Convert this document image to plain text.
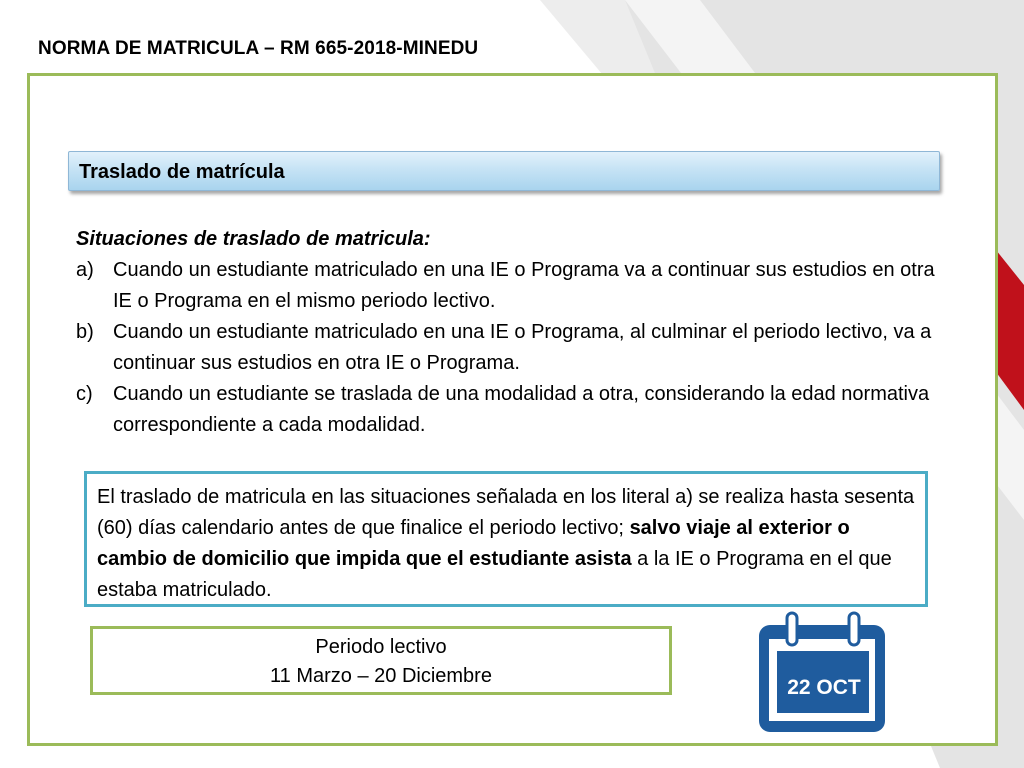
NORMA DE MATRICULA – RM 665-2018-MINEDU
Traslado de matrícula
Situaciones de traslado de matricula:
a) Cuando un estudiante matriculado en una IE o Programa va a continuar sus estudios en otra IE o Programa en el mismo periodo lectivo.
b) Cuando un estudiante matriculado en una IE o Programa, al culminar el periodo lectivo, va a continuar sus estudios en otra IE o Programa.
c) Cuando un estudiante se traslada de una modalidad a otra, considerando la edad normativa correspondiente a cada modalidad.
El traslado de matricula en las situaciones señalada en los literal a) se realiza hasta sesenta (60) días calendario antes de que finalice el periodo lectivo; salvo viaje al exterior o cambio de domicilio que impida que el estudiante asista a la IE o Programa en el que estaba matriculado.
Periodo lectivo
11 Marzo – 20 Diciembre	22 OCT
